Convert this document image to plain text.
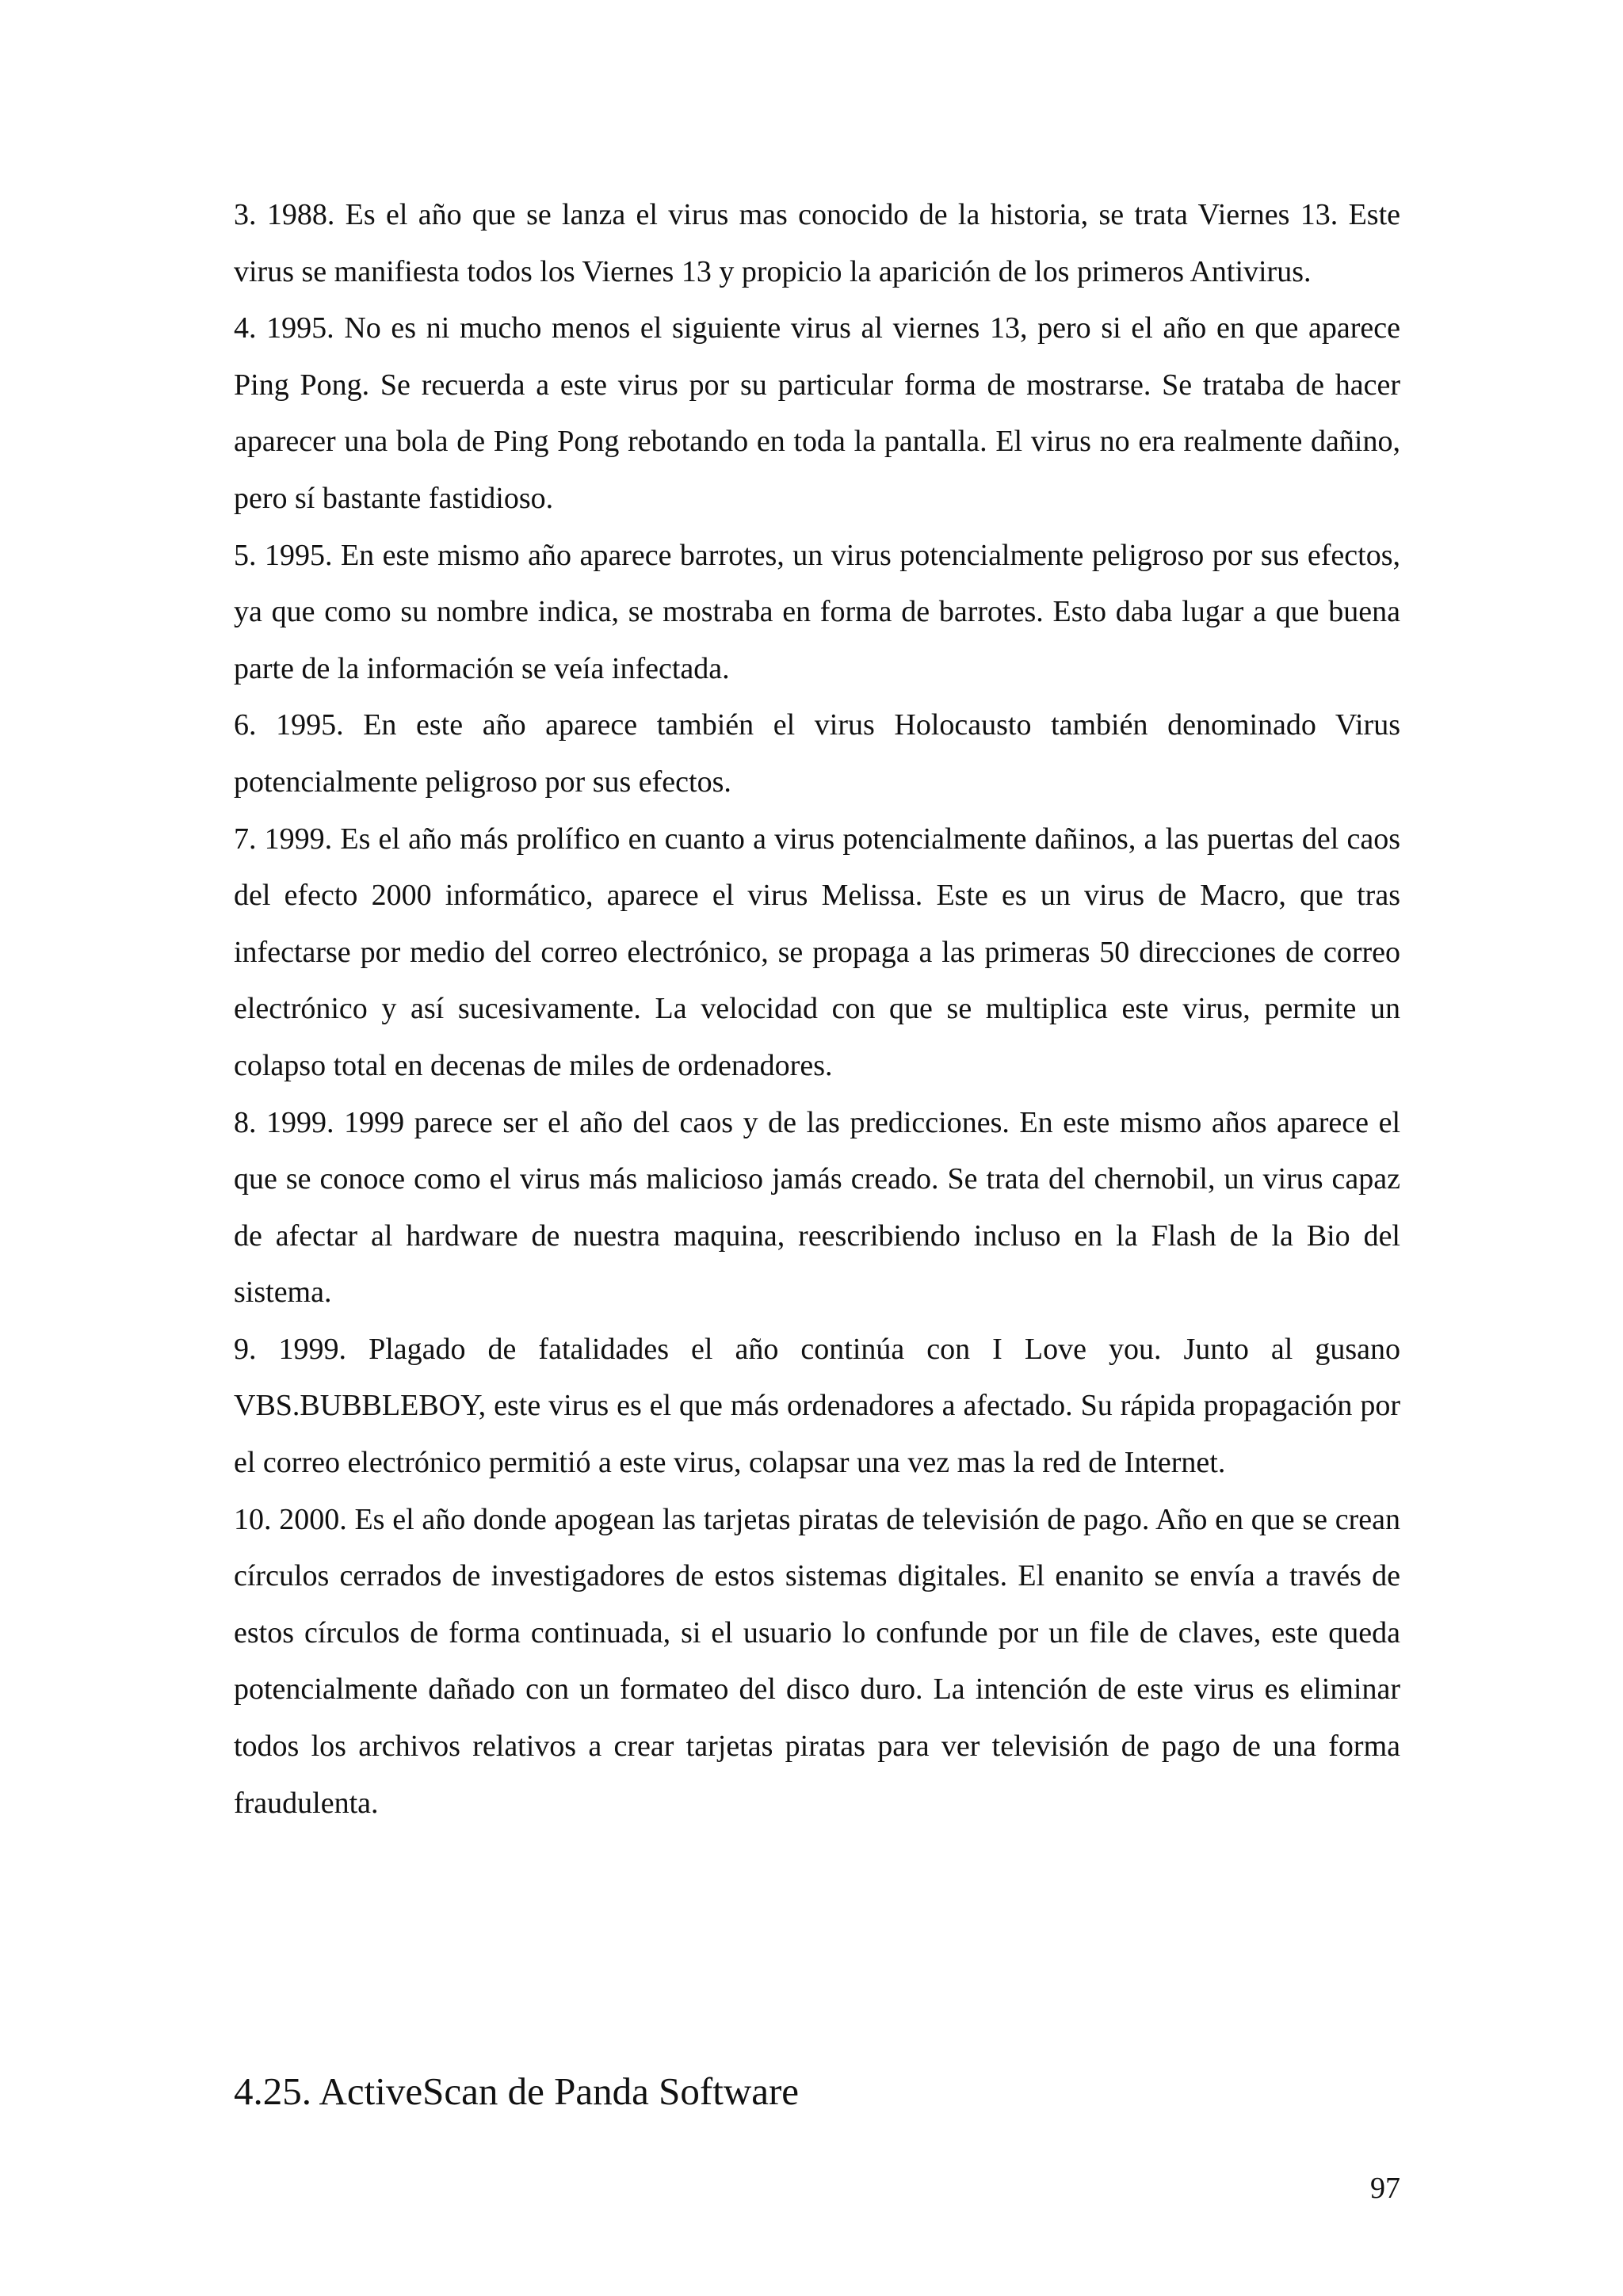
3. 1988. Es el año que se lanza el virus mas conocido de la historia, se trata Viernes 13. Este virus se manifiesta todos los Viernes 13 y propicio la aparición de los primeros Antivirus.

4. 1995. No es ni mucho menos el siguiente virus al viernes 13, pero si el año en que aparece Ping Pong. Se recuerda a este virus por su particular forma de mostrarse. Se trataba de hacer aparecer una bola de Ping Pong rebotando en toda la pantalla. El virus no era realmente dañino, pero sí bastante fastidioso.

5. 1995. En este mismo año aparece barrotes, un virus potencialmente peligroso por sus efectos, ya que como su nombre indica, se mostraba en forma de barrotes. Esto daba lugar a que buena parte de la información se veía infectada.

6. 1995. En este año aparece también el virus Holocausto también denominado Virus potencialmente peligroso por sus efectos.

7. 1999. Es el año más prolífico en cuanto a virus potencialmente dañinos, a las puertas del caos del efecto 2000 informático, aparece el virus Melissa. Este es un virus de Macro, que tras infectarse por medio del correo electrónico, se propaga a las primeras 50 direcciones de correo electrónico y así sucesivamente. La velocidad con que se multiplica este virus, permite un colapso total en decenas de miles de ordenadores.

8. 1999. 1999 parece ser el año del caos y de las predicciones. En este mismo años aparece el que se conoce como el virus más malicioso jamás creado. Se trata del chernobil, un virus capaz de afectar al hardware de nuestra maquina, reescribiendo incluso en la Flash de la Bio del sistema.

9. 1999. Plagado de fatalidades el año continúa con I Love you. Junto al gusano VBS.BUBBLEBOY, este virus es el que más ordenadores a afectado. Su rápida propagación por el correo electrónico permitió a este virus, colapsar una vez mas la red de Internet.

10. 2000. Es el año donde apogean las tarjetas piratas de televisión de pago. Año en que se crean círculos cerrados de investigadores de estos sistemas digitales. El enanito se envía a través de estos círculos de forma continuada, si el usuario lo confunde por un file de claves, este queda potencialmente dañado con un formateo del disco duro. La intención de este virus es eliminar todos los archivos relativos a crear tarjetas piratas para ver televisión de pago de una forma fraudulenta.

4.25. ActiveScan de Panda Software
97
